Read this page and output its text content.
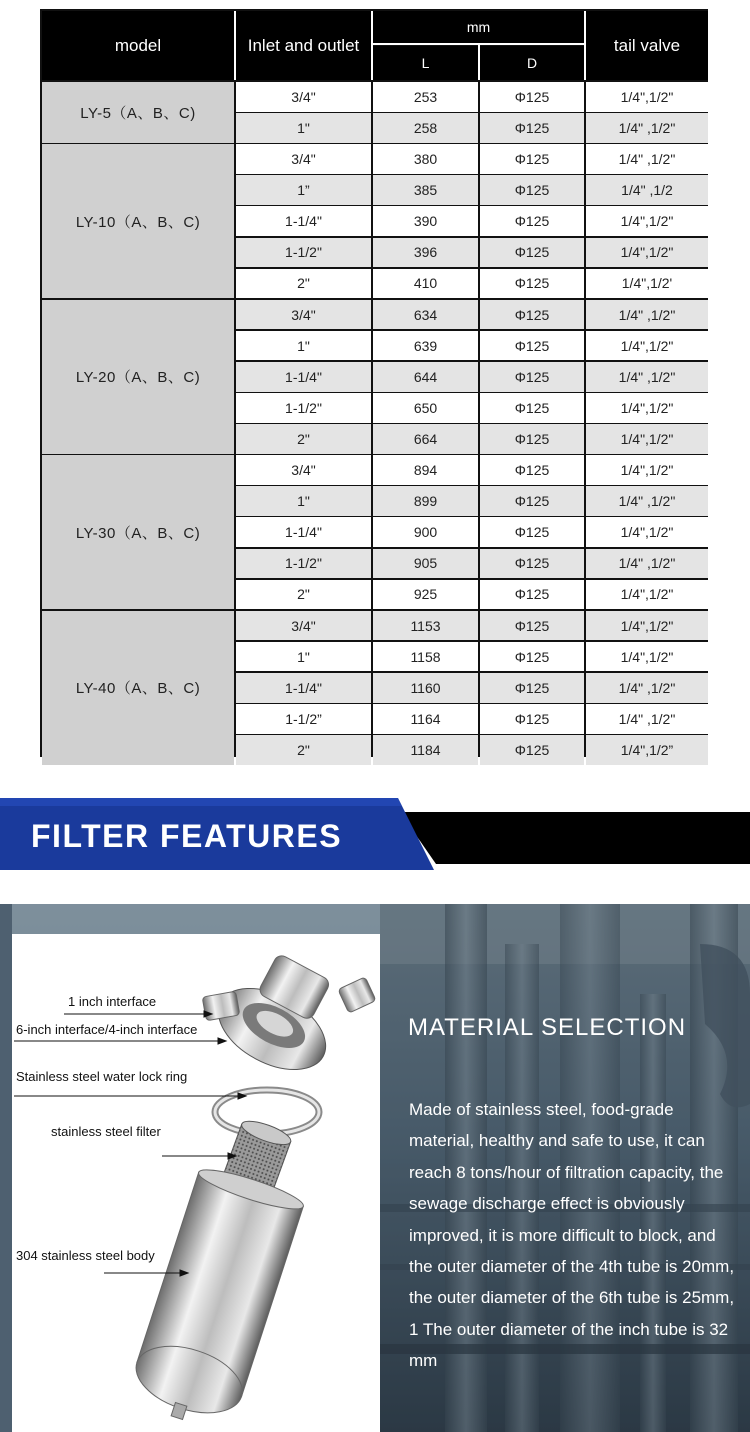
model	Inlet and outlet
mm
L	D
tail valve
3/4"	253	Φ125	1/4",1/2"
1"	258	Φ125	1/4" ,1/2"
LY-5（A、B、C)
3/4"	380	Φ125	1/4" ,1/2"
1”	385	Φ125	1/4" ,1/2
1-1/4"	390	Φ125	1/4",1/2"
1-1/2"	396	Φ125	1/4",1/2"
2"	410	Φ125	1/4",1/2'
LY-10（A、B、C)
3/4"	634	Φ125	1/4" ,1/2"
1"	639	Φ125	1/4",1/2"
1-1/4"	644	Φ125	1/4" ,1/2"
1-1/2"	650	Φ125	1/4",1/2"
2"	664	Φ125	1/4",1/2"
LY-20（A、B、C)
3/4"	894	Φ125	1/4",1/2"
1"	899	Φ125	1/4" ,1/2"
1-1/4"	900	Φ125	1/4",1/2"
1-1/2"	905	Φ125	1/4" ,1/2"
2"	925	Φ125	1/4",1/2"
LY-30（A、B、C)
3/4"	1153	Φ125	1/4",1/2"
1"	1158	Φ125	1/4",1/2"
1-1/4"	1160	Φ125	1/4" ,1/2"
1-1/2”	1164	Φ125	1/4" ,1/2"
2"	1184	Φ125	1/4",1/2”
LY-40（A、B、C)
FILTER FEATURES
1 inch interface
6-inch interface/4-inch interface
Stainless steel water lock ring
stainless steel filter
304 stainless steel body
MATERIAL SELECTION
Made of stainless steel, food-grade material, healthy and safe to use, it can reach 8 tons/hour of filtration capacity, the sewage discharge effect is obviously improved, it is more difficult to block, and the outer diameter of the 4th tube is 20mm, the outer diameter of the 6th tube is 25mm, 1 The outer diameter of the inch tube is 32 mm
